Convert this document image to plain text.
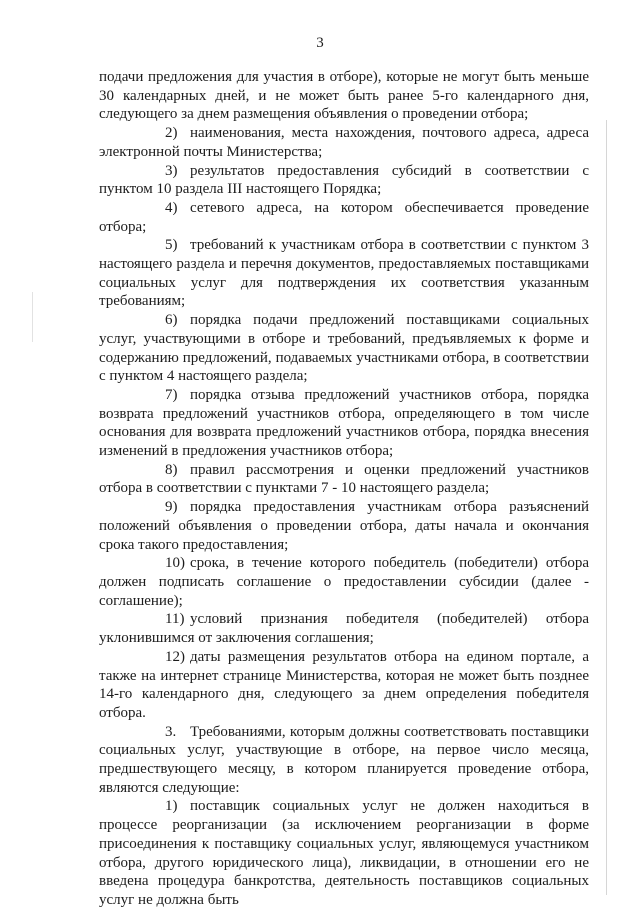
3

подачи предложения для участия в отборе), которые не могут быть меньше 30 календарных дней, и не может быть ранее 5-го календарного дня, следующего за днем размещения объявления о проведении отбора;

2) наименования, места нахождения, почтового адреса, адреса электронной почты Министерства;

3) результатов предоставления субсидий в соответствии с пунктом 10 раздела III настоящего Порядка;

4) сетевого адреса, на котором обеспечивается проведение отбора;

5) требований к участникам отбора в соответствии с пунктом 3 настоящего раздела и перечня документов, предоставляемых поставщиками социальных услуг для подтверждения их соответствия указанным требованиям;

6) порядка подачи предложений поставщиками социальных услуг, участвующими в отборе и требований, предъявляемых к форме и содержанию предложений, подаваемых участниками отбора, в соответствии с пунктом 4 настоящего раздела;

7) порядка отзыва предложений участников отбора, порядка возврата предложений участников отбора, определяющего в том числе основания для возврата предложений участников отбора, порядка внесения изменений в предложения участников отбора;

8) правил рассмотрения и оценки предложений участников отбора в соответствии с пунктами 7 - 10 настоящего раздела;

9) порядка предоставления участникам отбора разъяснений положений объявления о проведении отбора, даты начала и окончания срока такого предоставления;

10) срока, в течение которого победитель (победители) отбора должен подписать соглашение о предоставлении субсидии (далее - соглашение);

11) условий признания победителя (победителей) отбора уклонившимся от заключения соглашения;

12) даты размещения результатов отбора на едином портале, а также на интернет странице Министерства, которая не может быть позднее 14-го календарного дня, следующего за днем определения победителя отбора.

3. Требованиями, которым должны соответствовать поставщики социальных услуг, участвующие в отборе, на первое число месяца, предшествующего месяцу, в котором планируется проведение отбора, являются следующие:

1) поставщик социальных услуг не должен находиться в процессе реорганизации (за исключением реорганизации в форме присоединения к поставщику социальных услуг, являющемуся участником отбора, другого юридического лица), ликвидации, в отношении его не введена процедура банкротства, деятельность поставщиков социальных услуг не должна быть
